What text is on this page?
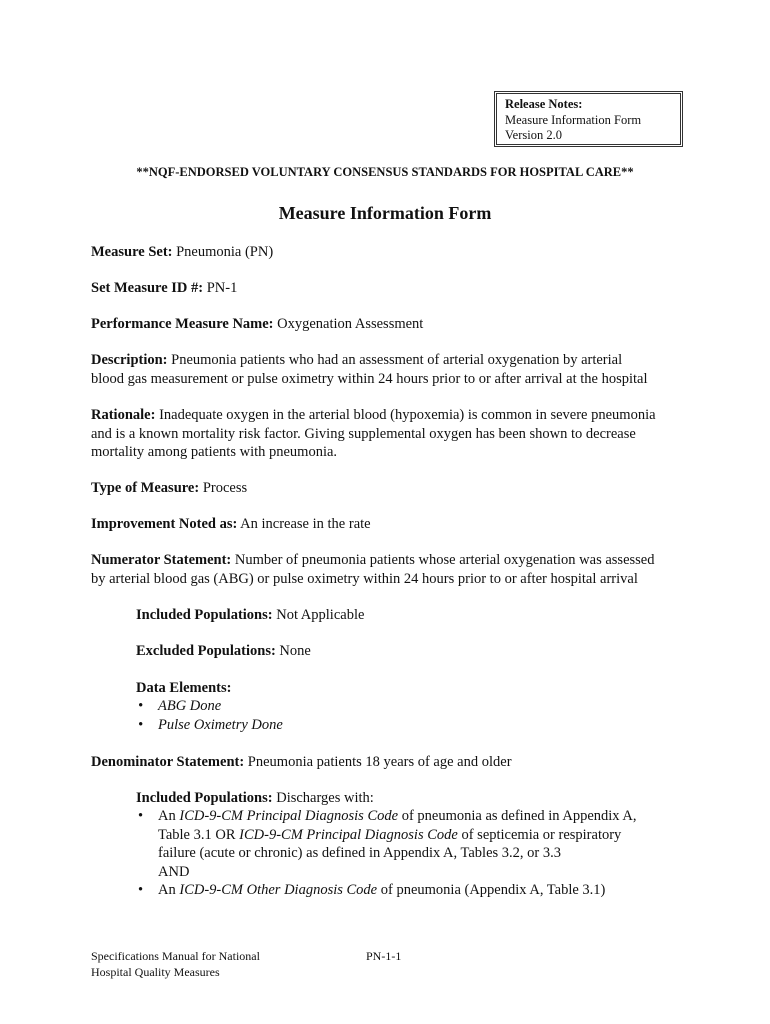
Release Notes:
Measure Information Form
Version 2.0
**NQF-ENDORSED VOLUNTARY CONSENSUS STANDARDS FOR HOSPITAL CARE**
Measure Information Form
Measure Set: Pneumonia (PN)
Set Measure ID #: PN-1
Performance Measure Name: Oxygenation Assessment
Description: Pneumonia patients who had an assessment of arterial oxygenation by arterial
blood gas measurement or pulse oximetry within 24 hours prior to or after arrival at the hospital
Rationale: Inadequate oxygen in the arterial blood (hypoxemia) is common in severe pneumonia
and is a known mortality risk factor. Giving supplemental oxygen has been shown to decrease
mortality among patients with pneumonia.
Type of Measure: Process
Improvement Noted as: An increase in the rate
Numerator Statement: Number of pneumonia patients whose arterial oxygenation was assessed
by arterial blood gas (ABG) or pulse oximetry within 24 hours prior to or after hospital arrival
Included Populations: Not Applicable
Excluded Populations: None
Data Elements:
• ABG Done
• Pulse Oximetry Done
Denominator Statement: Pneumonia patients 18 years of age and older
Included Populations: Discharges with:
• An ICD-9-CM Principal Diagnosis Code of pneumonia as defined in Appendix A,
Table 3.1 OR ICD-9-CM Principal Diagnosis Code of septicemia or respiratory
failure (acute or chronic) as defined in Appendix A, Tables 3.2, or 3.3
AND
• An ICD-9-CM Other Diagnosis Code of pneumonia (Appendix A, Table 3.1)
Specifications Manual for National
Hospital Quality Measures
PN-1-1
